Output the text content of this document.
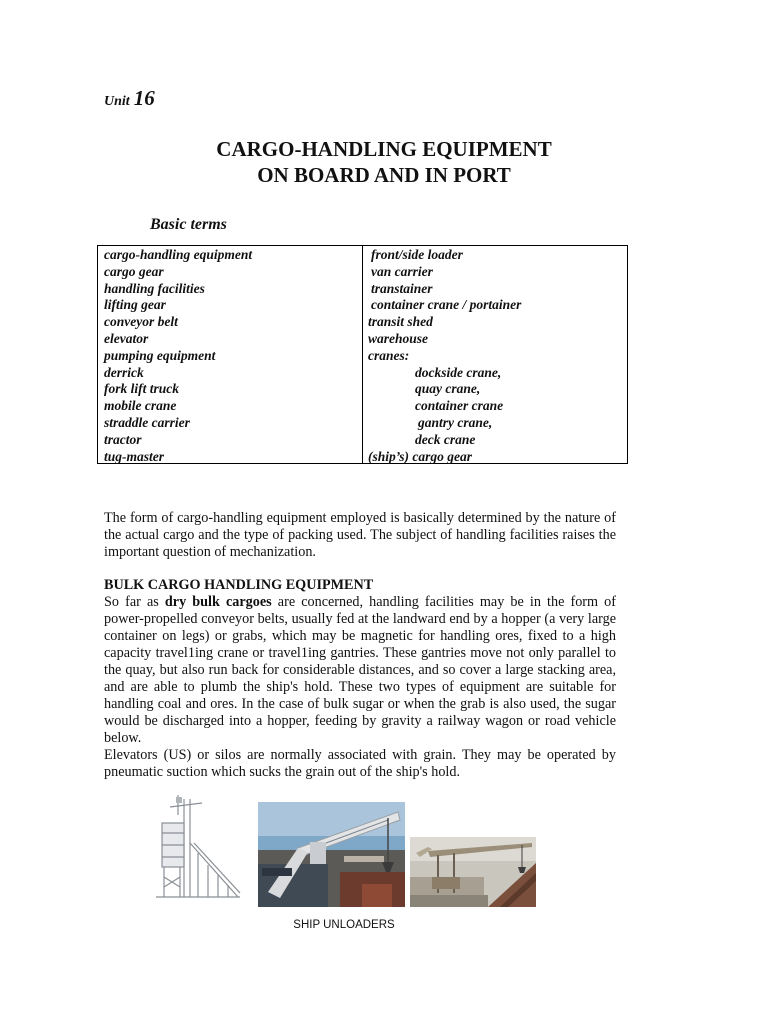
Unit 16
CARGO-HANDLING EQUIPMENT
ON BOARD AND IN PORT
Basic terms
cargo-handling equipment
cargo gear
handling facilities
lifting gear
conveyor belt
elevator
pumping equipment
derrick
fork lift truck
mobile crane
straddle carrier
tractor
tug-master
front/side loader
van carrier
transtainer
container crane / portainer
transit shed
warehouse
cranes:
dockside crane,
quay crane,
container crane
gantry crane,
deck crane
(ship’s) cargo gear

The form of cargo-handling equipment employed is basically determined by the nature of the actual cargo and the type of packing used. The subject of handling facilities raises the important question of mechanization.

BULK CARGO HANDLING EQUIPMENT

So far as dry bulk cargoes are concerned, handling facilities may be in the form of power-propelled conveyor belts, usually fed at the landward end by a hopper (a very large container on legs) or grabs, which may be magnetic for handling ores, fixed to a high capacity travel1ing crane or travel1ing gantries. These gantries move not only parallel to the quay, but also run back for considerable distances, and so cover a large stacking area, and are able to plumb the ship's hold. These two types of equipment are suitable for handling coal and ores. In the case of bulk sugar or when the grab is also used, the sugar would be discharged into a hopper, feeding by gravity a railway wagon or road vehicle below.
Elevators (US) or silos are normally associated with grain. They may be operated by pneumatic suction which sucks the grain out of the ship's hold.

SHIP UNLOADERS
